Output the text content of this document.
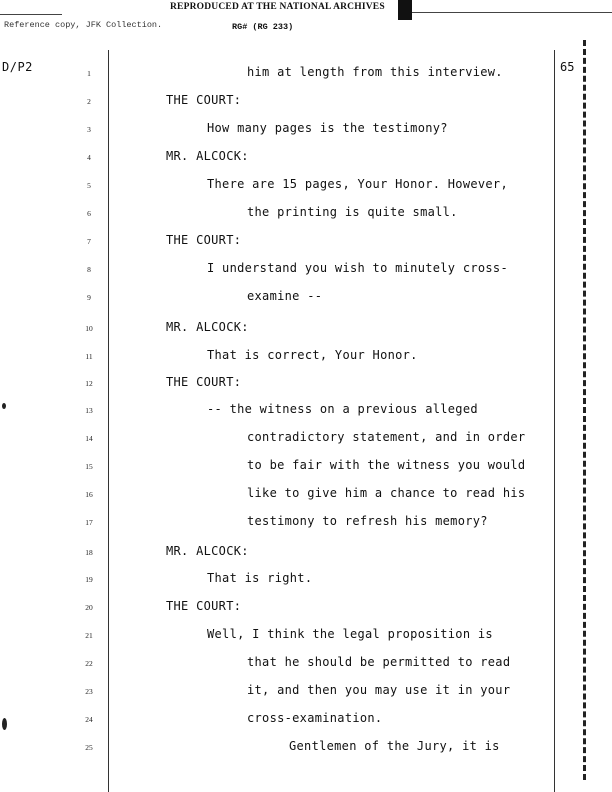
REPRODUCED AT THE NATIONAL ARCHIVES
Reference copy, JFK Collection.	RG# (RG 233)
D/P2	65
1	him at length from this interview.
2	THE COURT:
3	How many pages is the testimony?
4	MR. ALCOCK:
5	There are 15 pages, Your Honor. However,
6	the printing is quite small.
7	THE COURT:
8	I understand you wish to minutely cross-
9	examine --
10	MR. ALCOCK:
11	That is correct, Your Honor.
12	THE COURT:
13	-- the witness on a previous alleged
14	contradictory statement, and in order
15	to be fair with the witness you would
16	like to give him a chance to read his
17	testimony to refresh his memory?
18	MR. ALCOCK:
19	That is right.
20	THE COURT:
21	Well, I think the legal proposition is
22	that he should be permitted to read
23	it, and then you may use it in your
24	cross-examination.
25	Gentlemen of the Jury, it is
